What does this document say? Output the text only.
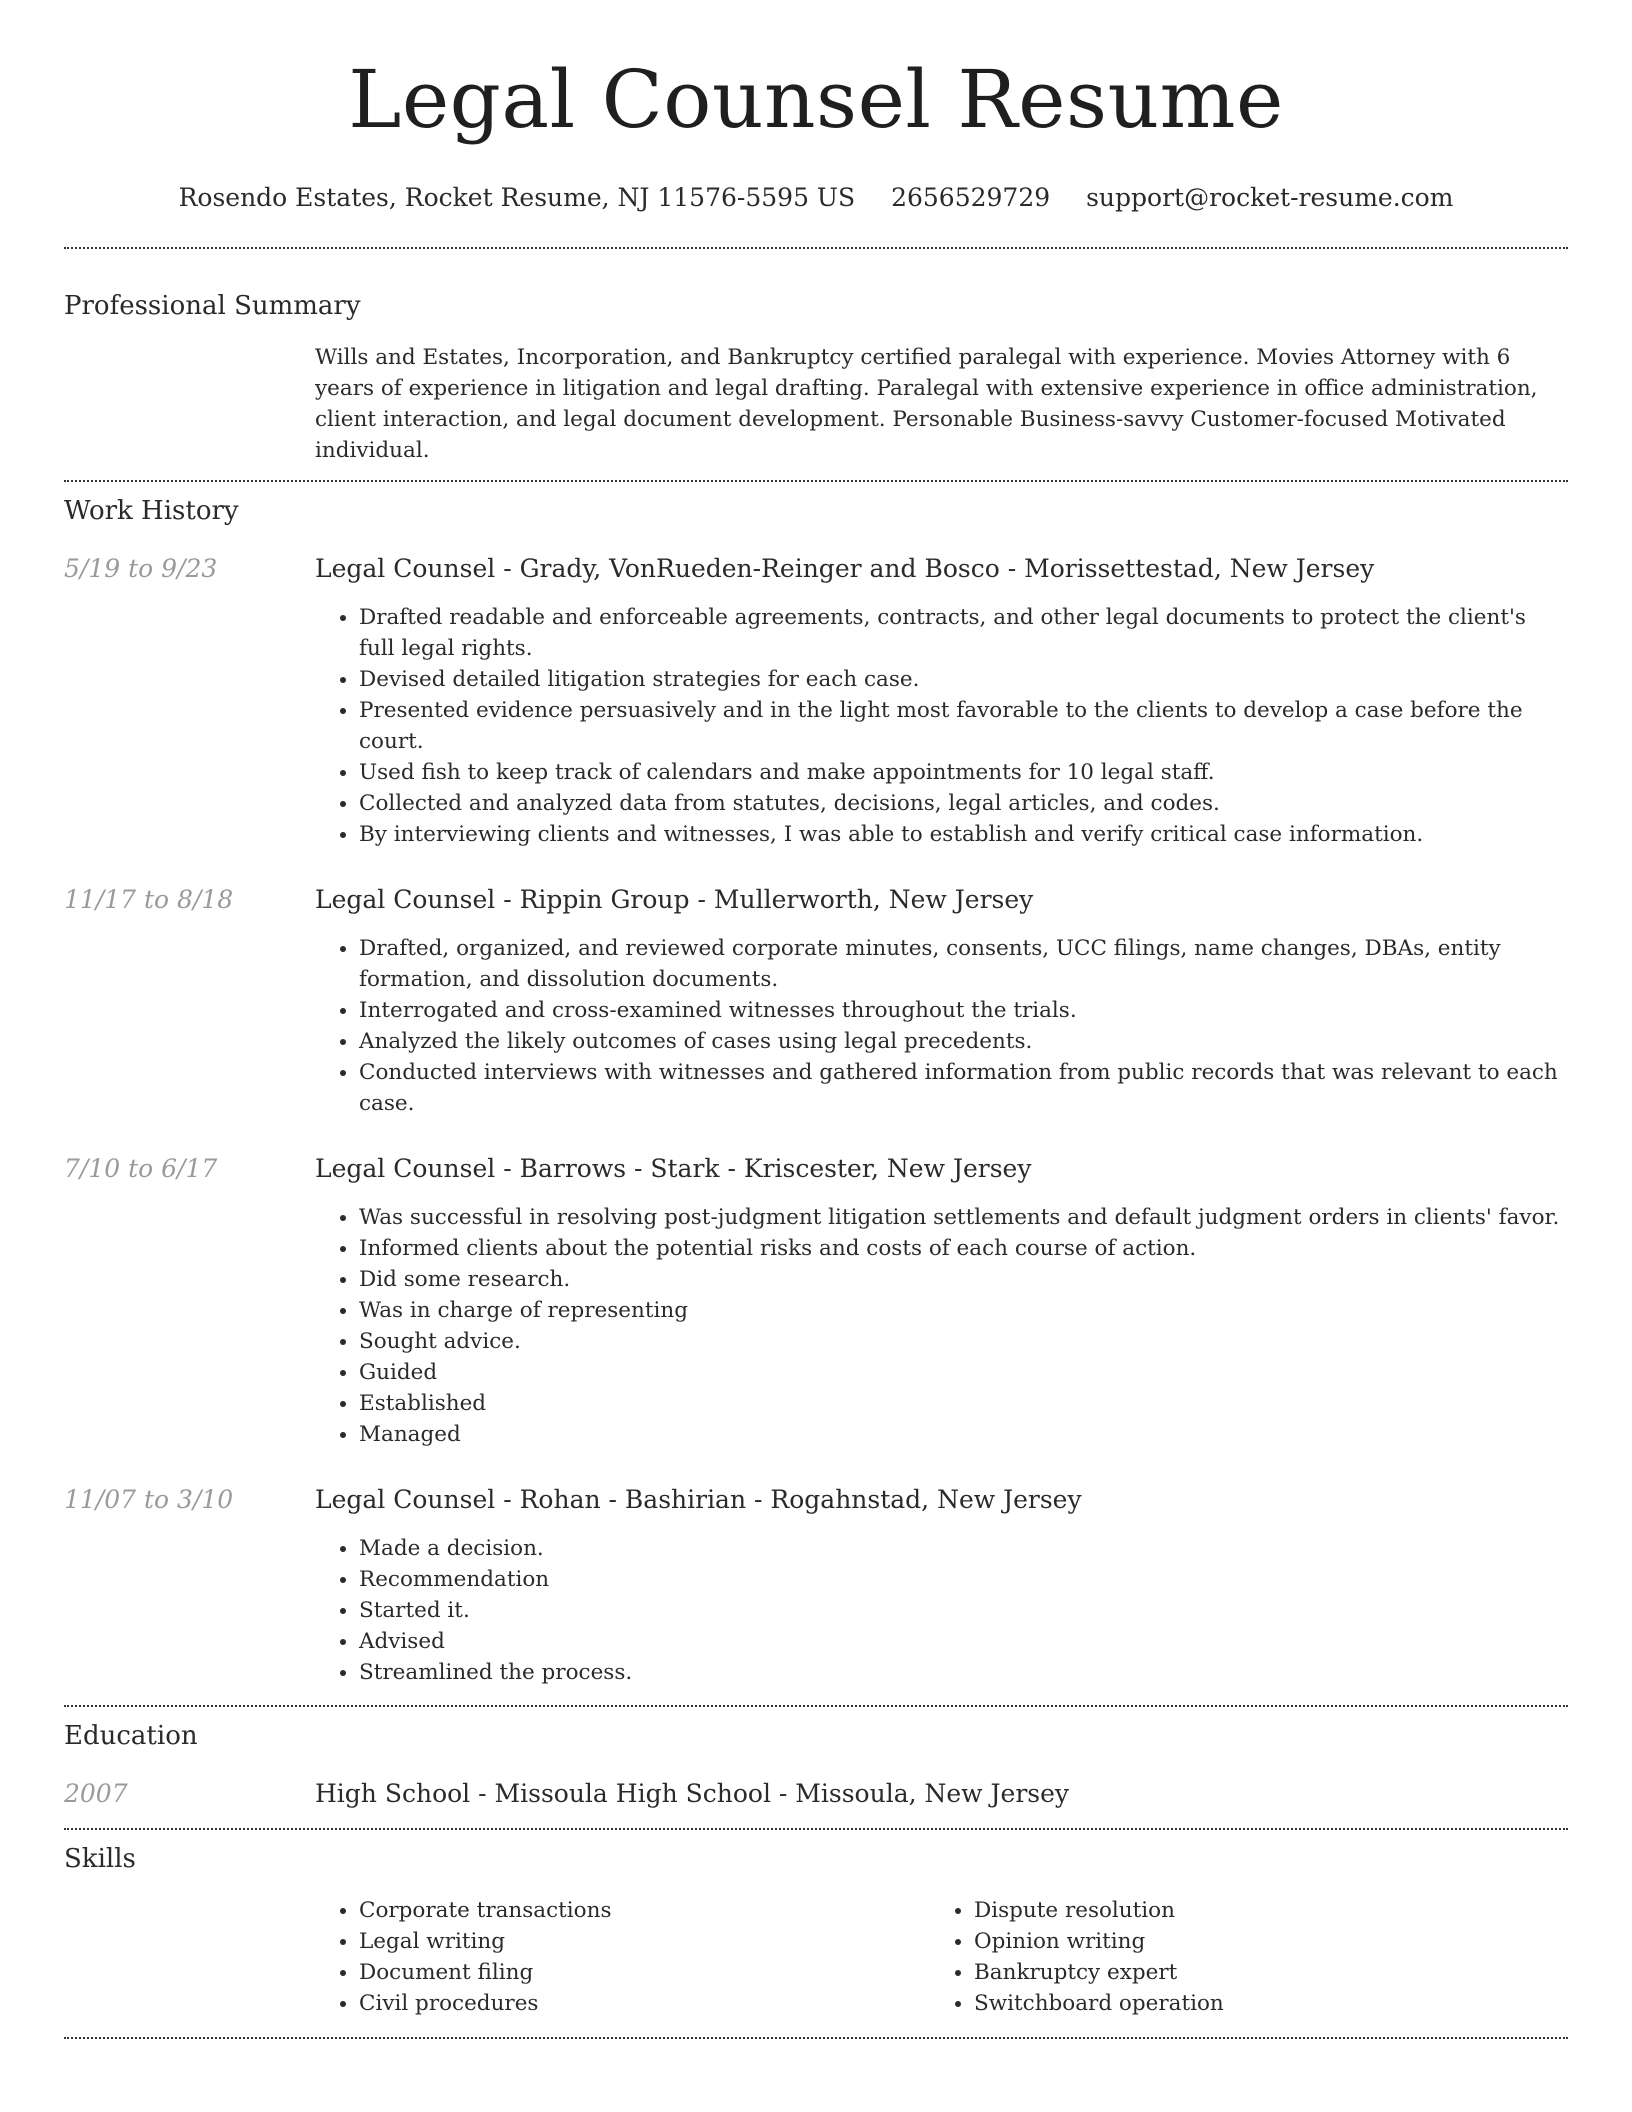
Legal Counsel Resume
Rosendo Estates, Rocket Resume, NJ 11576-5595 US 2656529729 support@rocket-resume.com
Professional Summary
Wills and Estates, Incorporation, and Bankruptcy certified paralegal with experience. Movies Attorney with 6 years of experience in litigation and legal drafting. Paralegal with extensive experience in office administration, client interaction, and legal document development. Personable Business-savvy Customer-focused Motivated individual.
Work History
5/19 to 9/23	Legal Counsel - Grady, VonRueden-Reinger and Bosco - Morissettestad, New Jersey
• Drafted readable and enforceable agreements, contracts, and other legal documents to protect the client's full legal rights.
• Devised detailed litigation strategies for each case.
• Presented evidence persuasively and in the light most favorable to the clients to develop a case before the court.
• Used fish to keep track of calendars and make appointments for 10 legal staff.
• Collected and analyzed data from statutes, decisions, legal articles, and codes.
• By interviewing clients and witnesses, I was able to establish and verify critical case information.
11/17 to 8/18	Legal Counsel - Rippin Group - Mullerworth, New Jersey
• Drafted, organized, and reviewed corporate minutes, consents, UCC filings, name changes, DBAs, entity formation, and dissolution documents.
• Interrogated and cross-examined witnesses throughout the trials.
• Analyzed the likely outcomes of cases using legal precedents.
• Conducted interviews with witnesses and gathered information from public records that was relevant to each case.
7/10 to 6/17	Legal Counsel - Barrows - Stark - Kriscester, New Jersey
• Was successful in resolving post-judgment litigation settlements and default judgment orders in clients' favor.
• Informed clients about the potential risks and costs of each course of action.
• Did some research.
• Was in charge of representing
• Sought advice.
• Guided
• Established
• Managed
11/07 to 3/10	Legal Counsel - Rohan - Bashirian - Rogahnstad, New Jersey
• Made a decision.
• Recommendation
• Started it.
• Advised
• Streamlined the process.
Education
2007	High School - Missoula High School - Missoula, New Jersey
Skills
• Corporate transactions
• Legal writing
• Document filing
• Civil procedures
• Dispute resolution
• Opinion writing
• Bankruptcy expert
• Switchboard operation
